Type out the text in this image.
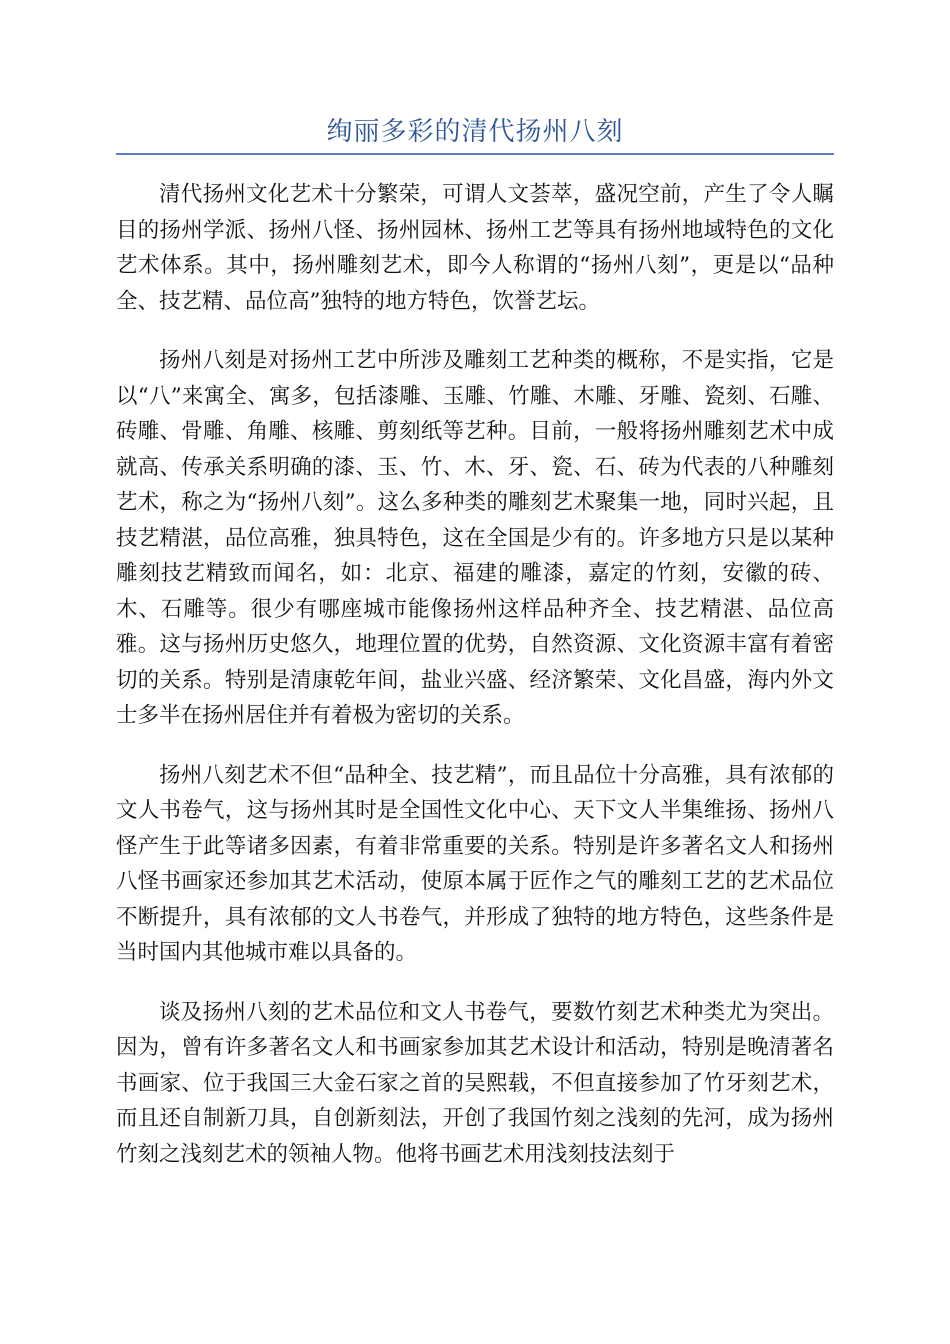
绚丽多彩的清代扬州八刻

清代扬州文化艺术十分繁荣，可谓人文荟萃，盛况空前，产生了令人瞩目的扬州学派、扬州八怪、扬州园林、扬州工艺等具有扬州地域特色的文化艺术体系。其中，扬州雕刻艺术，即今人称谓的“扬州八刻”，更是以“品种全、技艺精、品位高”独特的地方特色，饮誉艺坛。

扬州八刻是对扬州工艺中所涉及雕刻工艺种类的概称，不是实指，它是以“八”来寓全、寓多，包括漆雕、玉雕、竹雕、木雕、牙雕、瓷刻、石雕、砖雕、骨雕、角雕、核雕、剪刻纸等艺种。目前，一般将扬州雕刻艺术中成就高、传承关系明确的漆、玉、竹、木、牙、瓷、石、砖为代表的八种雕刻艺术，称之为“扬州八刻”。这么多种类的雕刻艺术聚集一地，同时兴起，且技艺精湛，品位高雅，独具特色，这在全国是少有的。许多地方只是以某种雕刻技艺精致而闻名，如：北京、福建的雕漆，嘉定的竹刻，安徽的砖、木、石雕等。很少有哪座城市能像扬州这样品种齐全、技艺精湛、品位高雅。这与扬州历史悠久，地理位置的优势，自然资源、文化资源丰富有着密切的关系。特别是清康乾年间，盐业兴盛、经济繁荣、文化昌盛，海内外文士多半在扬州居住并有着极为密切的关系。

扬州八刻艺术不但“品种全、技艺精”，而且品位十分高雅，具有浓郁的文人书卷气，这与扬州其时是全国性文化中心、天下文人半集维扬、扬州八怪产生于此等诸多因素，有着非常重要的关系。特别是许多著名文人和扬州八怪书画家还参加其艺术活动，使原本属于匠作之气的雕刻工艺的艺术品位不断提升，具有浓郁的文人书卷气，并形成了独特的地方特色，这些条件是当时国内其他城市难以具备的。

谈及扬州八刻的艺术品位和文人书卷气，要数竹刻艺术种类尤为突出。因为，曾有许多著名文人和书画家参加其艺术设计和活动，特别是晚清著名书画家、位于我国三大金石家之首的吴熙载，不但直接参加了竹牙刻艺术，而且还自制新刀具，自创新刻法，开创了我国竹刻之浅刻的先河，成为扬州竹刻之浅刻艺术的领袖人物。他将书画艺术用浅刻技法刻于
